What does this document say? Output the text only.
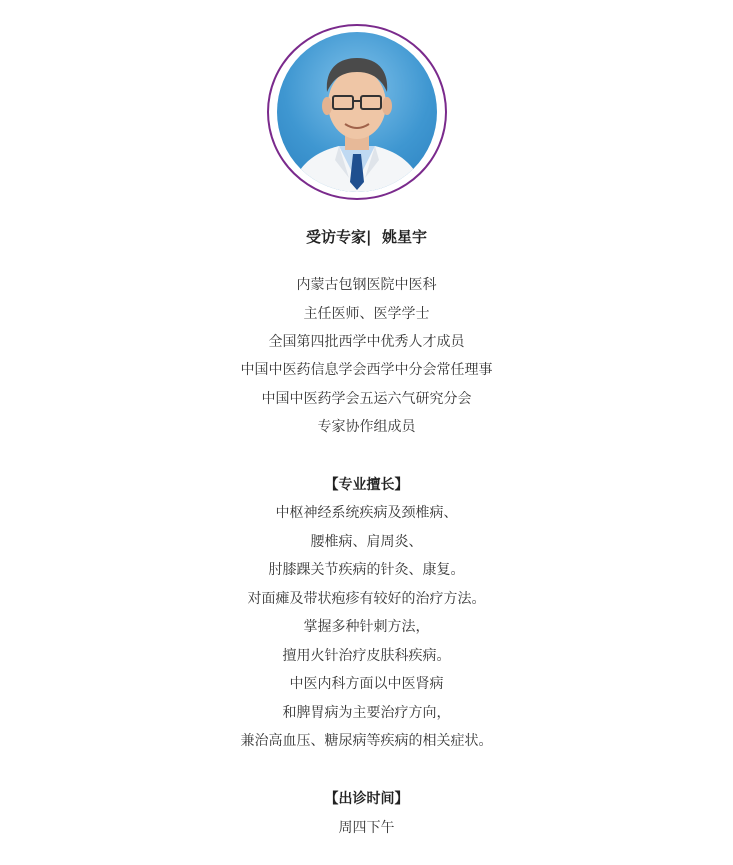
受访专家| 姚星宇
内蒙古包钢医院中医科
主任医师、医学学士
全国第四批西学中优秀人才成员
中国中医药信息学会西学中分会常任理事
中国中医药学会五运六气研究分会
专家协作组成员
【专业擅长】
中枢神经系统疾病及颈椎病、
腰椎病、肩周炎、
肘膝踝关节疾病的针灸、康复。
对面瘫及带状疱疹有较好的治疗方法。
掌握多种针刺方法，
擅用火针治疗皮肤科疾病。
中医内科方面以中医肾病
和脾胃病为主要治疗方向，
兼治高血压、糖尿病等疾病的相关症状。
【出诊时间】
周四下午
